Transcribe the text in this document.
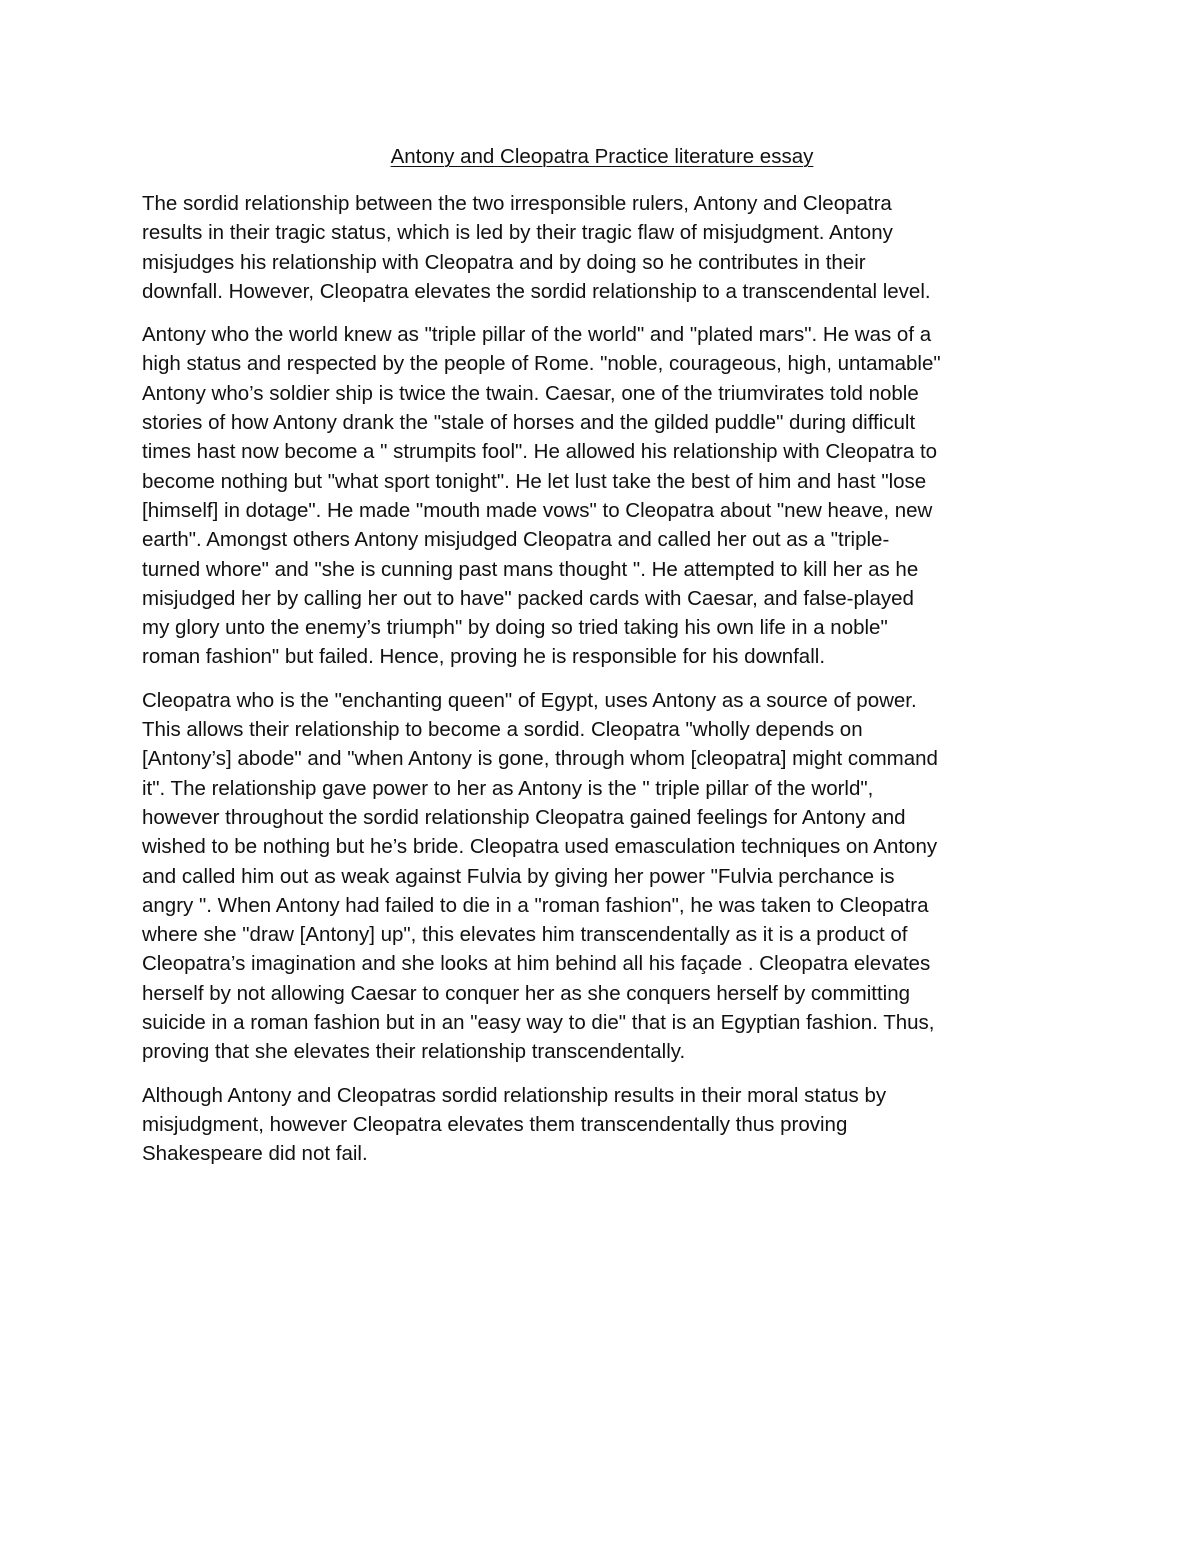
Antony and Cleopatra Practice literature essay

The sordid relationship between the two irresponsible rulers, Antony and Cleopatra
results in their tragic status, which is led by their tragic flaw of misjudgment. Antony
misjudges his relationship with Cleopatra and by doing so he contributes in their
downfall. However, Cleopatra elevates the sordid relationship to a transcendental level.

Antony who the world knew as "triple pillar of the world" and "plated mars". He was of a
high status and respected by the people of Rome. "noble, courageous, high, untamable"
Antony who’s soldier ship is twice the twain. Caesar, one of the triumvirates told noble
stories of how Antony drank the "stale of horses and the gilded puddle" during difficult
times hast now become a " strumpits fool". He allowed his relationship with Cleopatra to
become nothing but "what sport tonight". He let lust take the best of him and hast "lose
[himself] in dotage". He made "mouth made vows" to Cleopatra about "new heave, new
earth". Amongst others Antony misjudged Cleopatra and called her out as a "triple-
turned whore" and "she is cunning past mans thought ". He attempted to kill her as he
misjudged her by calling her out to have" packed cards with Caesar, and false-played
my glory unto the enemy’s triumph" by doing so tried taking his own life in a noble"
roman fashion" but failed. Hence, proving he is responsible for his downfall.

Cleopatra who is the "enchanting queen" of Egypt, uses Antony as a source of power.
This allows their relationship to become a sordid. Cleopatra "wholly depends on
[Antony’s] abode" and "when Antony is gone, through whom [cleopatra] might command
it". The relationship gave power to her as Antony is the " triple pillar of the world",
however throughout the sordid relationship Cleopatra gained feelings for Antony and
wished to be nothing but he’s bride. Cleopatra used emasculation techniques on Antony
and called him out as weak against Fulvia by giving her power "Fulvia perchance is
angry ". When Antony had failed to die in a "roman fashion", he was taken to Cleopatra
where she "draw [Antony] up", this elevates him transcendentally as it is a product of
Cleopatra’s imagination and she looks at him behind all his façade . Cleopatra elevates
herself by not allowing Caesar to conquer her as she conquers herself by committing
suicide in a roman fashion but in an "easy way to die" that is an Egyptian fashion. Thus,
proving that she elevates their relationship transcendentally.

Although Antony and Cleopatras sordid relationship results in their moral status by
misjudgment, however Cleopatra elevates them transcendentally thus proving
Shakespeare did not fail.
